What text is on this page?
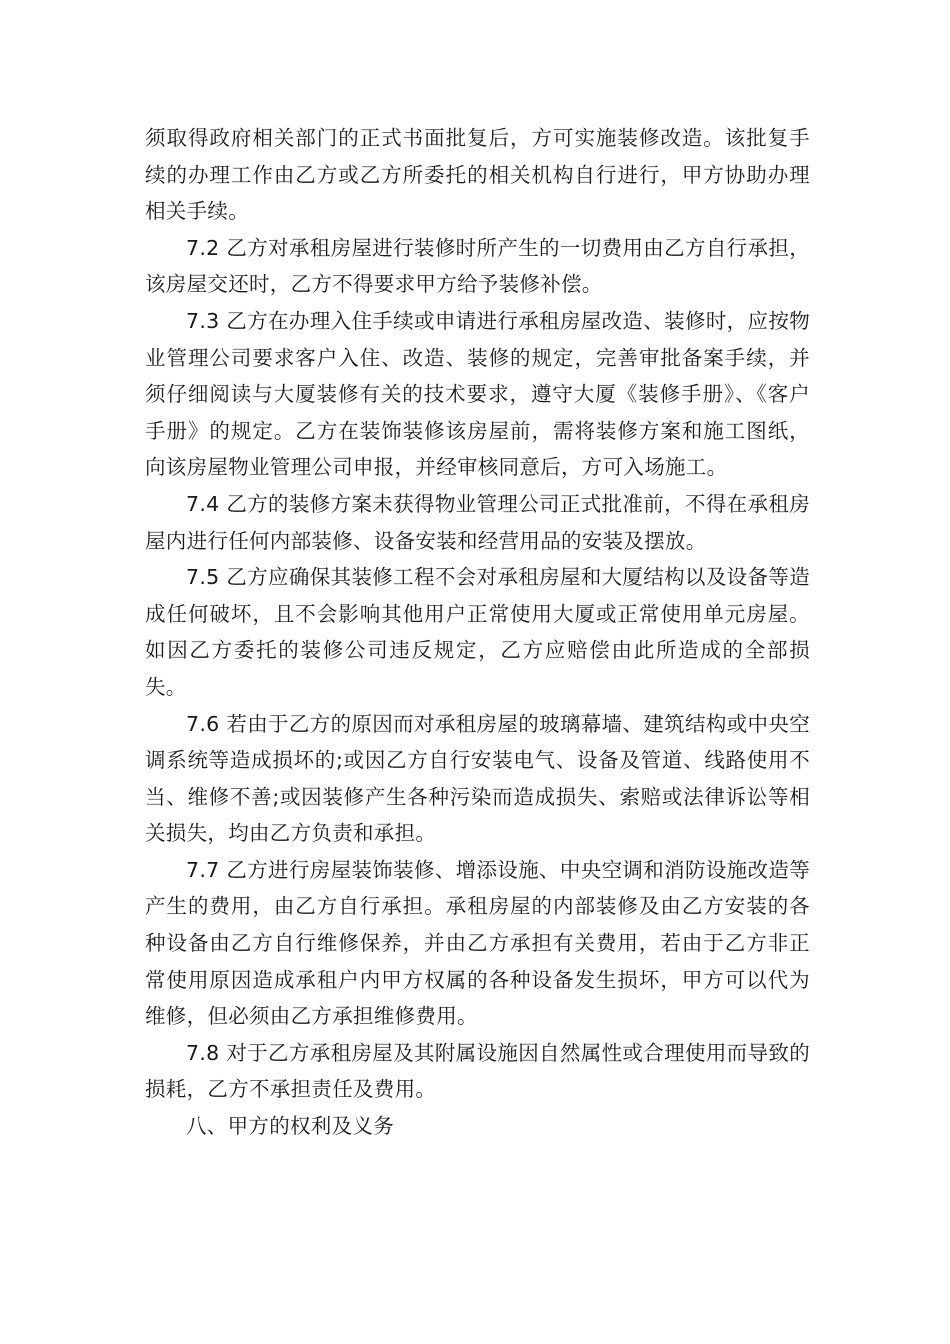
须取得政府相关部门的正式书面批复后，方可实施装修改造。该批复手续的办理工作由乙方或乙方所委托的相关机构自行进行，甲方协助办理相关手续。

7.2 乙方对承租房屋进行装修时所产生的一切费用由乙方自行承担，该房屋交还时，乙方不得要求甲方给予装修补偿。

7.3 乙方在办理入住手续或申请进行承租房屋改造、装修时，应按物业管理公司要求客户入住、改造、装修的规定，完善审批备案手续，并须仔细阅读与大厦装修有关的技术要求，遵守大厦《装修手册》、《客户手册》的规定。乙方在装饰装修该房屋前，需将装修方案和施工图纸，向该房屋物业管理公司申报，并经审核同意后，方可入场施工。

7.4 乙方的装修方案未获得物业管理公司正式批准前，不得在承租房屋内进行任何内部装修、设备安装和经营用品的安装及摆放。

7.5 乙方应确保其装修工程不会对承租房屋和大厦结构以及设备等造成任何破坏，且不会影响其他用户正常使用大厦或正常使用单元房屋。如因乙方委托的装修公司违反规定，乙方应赔偿由此所造成的全部损失。

7.6 若由于乙方的原因而对承租房屋的玻璃幕墙、建筑结构或中央空调系统等造成损坏的;或因乙方自行安装电气、设备及管道、线路使用不当、维修不善;或因装修产生各种污染而造成损失、索赔或法律诉讼等相关损失，均由乙方负责和承担。

7.7 乙方进行房屋装饰装修、增添设施、中央空调和消防设施改造等产生的费用，由乙方自行承担。承租房屋的内部装修及由乙方安装的各种设备由乙方自行维修保养，并由乙方承担有关费用，若由于乙方非正常使用原因造成承租户内甲方权属的各种设备发生损坏，甲方可以代为维修，但必须由乙方承担维修费用。

7.8 对于乙方承租房屋及其附属设施因自然属性或合理使用而导致的损耗，乙方不承担责任及费用。

八、甲方的权利及义务
